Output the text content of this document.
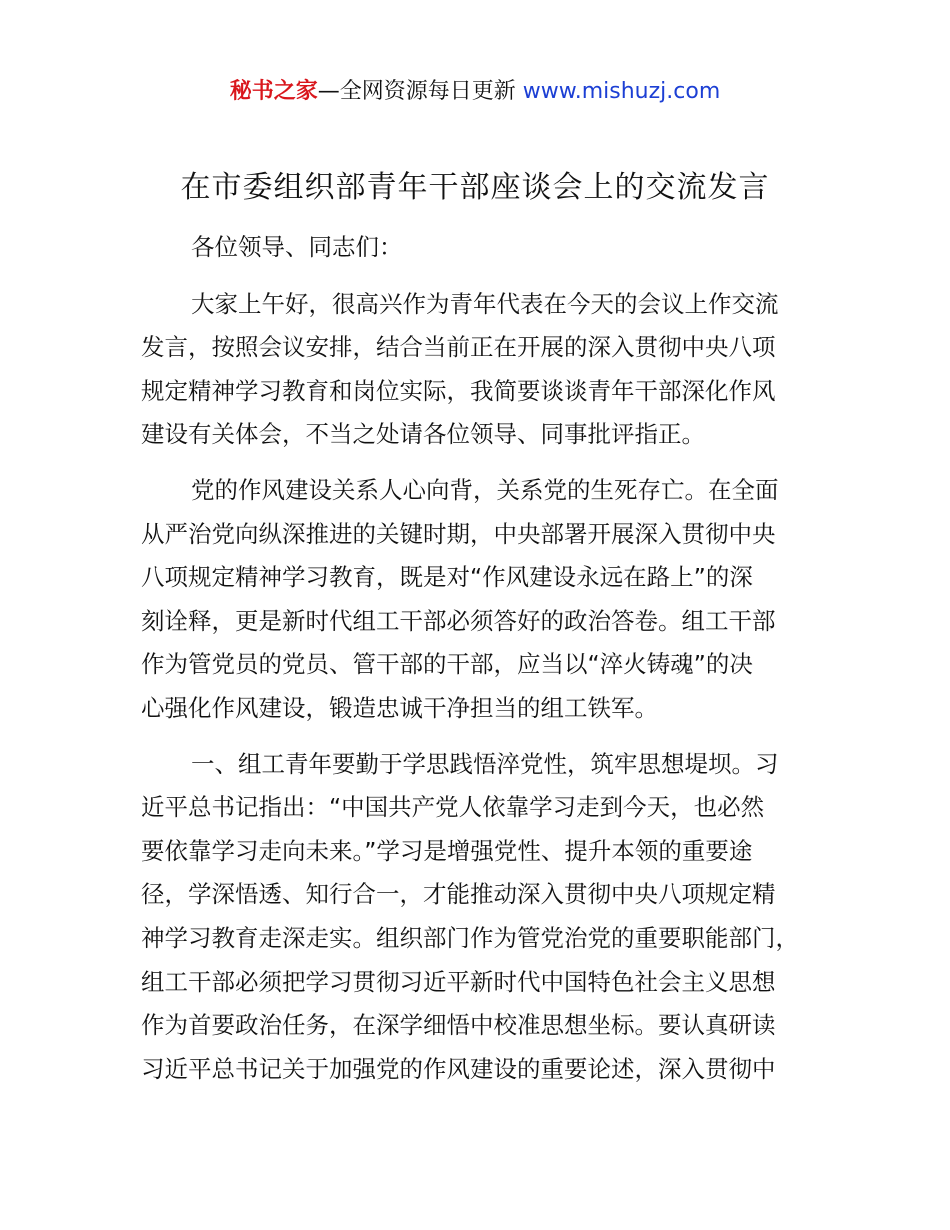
秘书之家—全网资源每日更新 www.mishuzj.com
在市委组织部青年干部座谈会上的交流发言

各位领导、同志们：

大家上午好，很高兴作为青年代表在今天的会议上作交流
发言，按照会议安排，结合当前正在开展的深入贯彻中央八项
规定精神学习教育和岗位实际，我简要谈谈青年干部深化作风
建设有关体会，不当之处请各位领导、同事批评指正。

党的作风建设关系人心向背，关系党的生死存亡。在全面
从严治党向纵深推进的关键时期，中央部署开展深入贯彻中央
八项规定精神学习教育，既是对“作风建设永远在路上”的深
刻诠释，更是新时代组工干部必须答好的政治答卷。组工干部
作为管党员的党员、管干部的干部，应当以“淬火铸魂”的决
心强化作风建设，锻造忠诚干净担当的组工铁军。

一、组工青年要勤于学思践悟淬党性，筑牢思想堤坝。习
近平总书记指出：“中国共产党人依靠学习走到今天，也必然
要依靠学习走向未来。”学习是增强党性、提升本领的重要途
径，学深悟透、知行合一，才能推动深入贯彻中央八项规定精
神学习教育走深走实。组织部门作为管党治党的重要职能部门，
组工干部必须把学习贯彻习近平新时代中国特色社会主义思想
作为首要政治任务，在深学细悟中校准思想坐标。要认真研读
习近平总书记关于加强党的作风建设的重要论述，深入贯彻中
